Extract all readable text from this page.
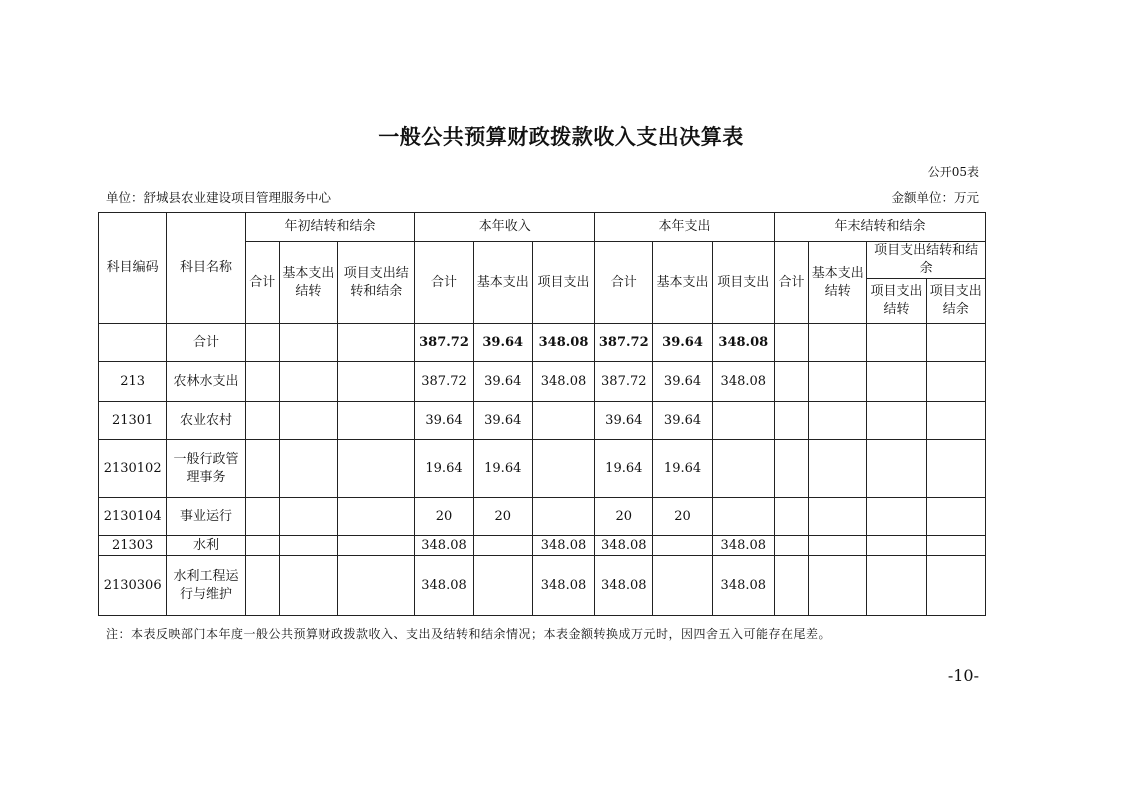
一般公共预算财政拨款收入支出决算表
公开05表
单位：舒城县农业建设项目管理服务中心	金额单位：万元
科目编码	科目名称	年初结转和结余			本年收入			本年支出			年末结转和结余			
		合计	基本支出结转	项目支出结转和结余	合计	基本支出	项目支出	合计	基本支出	项目支出	合计	基本支出结转	项目支出结转和结余	
													项目支出结转	项目支出结余
	合计				387.72	39.64	348.08	387.72	39.64	348.08				
213	农林水支出				387.72	39.64	348.08	387.72	39.64	348.08				
21301	农业农村				39.64	39.64		39.64	39.64					
2130102	一般行政管理事务				19.64	19.64		19.64	19.64					
2130104	事业运行				20	20		20	20					
21303	水利				348.08		348.08	348.08		348.08				
2130306	水利工程运行与维护				348.08		348.08	348.08		348.08				
注：本表反映部门本年度一般公共预算财政拨款收入、支出及结转和结余情况；本表金额转换成万元时，因四舍五入可能存在尾差。
-10-
